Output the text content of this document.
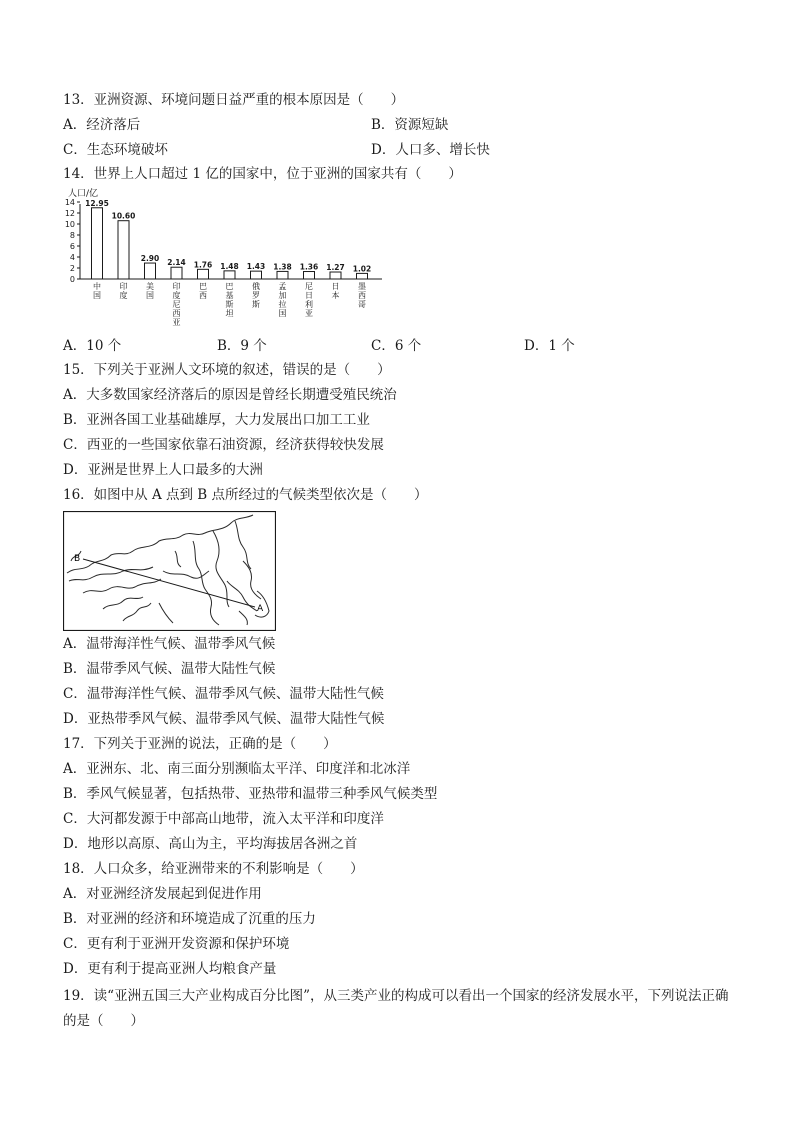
13．亚洲资源、环境问题日益严重的根本原因是（　　）
A．经济落后	B．资源短缺
C．生态环境破坏	D．人口多、增长快
14．世界上人口超过 1 亿的国家中，位于亚洲的国家共有（　　）
人口/亿
0
2
4
6
8
10
12
14 12.95
10.60
2.90 2.14 1.76 1.48 1.43 1.38 1.36 1.27 1.02
中国
印度
美国
印度尼西亚
巴西
巴基斯坦
俄罗斯
孟加拉国
尼日利亚
日本
墨西哥
A．10 个	B．9 个	C．6 个	D．1 个
15．下列关于亚洲人文环境的叙述，错误的是（　　）
A．大多数国家经济落后的原因是曾经长期遭受殖民统治
B．亚洲各国工业基础雄厚，大力发展出口加工工业
C．西亚的一些国家依靠石油资源，经济获得较快发展
D．亚洲是世界上人口最多的大洲
16．如图中从 A 点到 B 点所经过的气候类型依次是（　　）
B
A
A．温带海洋性气候、温带季风气候
B．温带季风气候、温带大陆性气候
C．温带海洋性气候、温带季风气候、温带大陆性气候
D．亚热带季风气候、温带季风气候、温带大陆性气候
17．下列关于亚洲的说法，正确的是（　　）
A．亚洲东、北、南三面分别濒临太平洋、印度洋和北冰洋
B．季风气候显著，包括热带、亚热带和温带三种季风气候类型
C．大河都发源于中部高山地带，流入太平洋和印度洋
D．地形以高原、高山为主，平均海拔居各洲之首
18．人口众多，给亚洲带来的不利影响是（　　）
A．对亚洲经济发展起到促进作用
B．对亚洲的经济和环境造成了沉重的压力
C．更有利于亚洲开发资源和保护环境
D．更有利于提高亚洲人均粮食产量
19．读“亚洲五国三大产业构成百分比图”，从三类产业的构成可以看出一个国家的经济发展水平，下列说法正确的是（　　）
